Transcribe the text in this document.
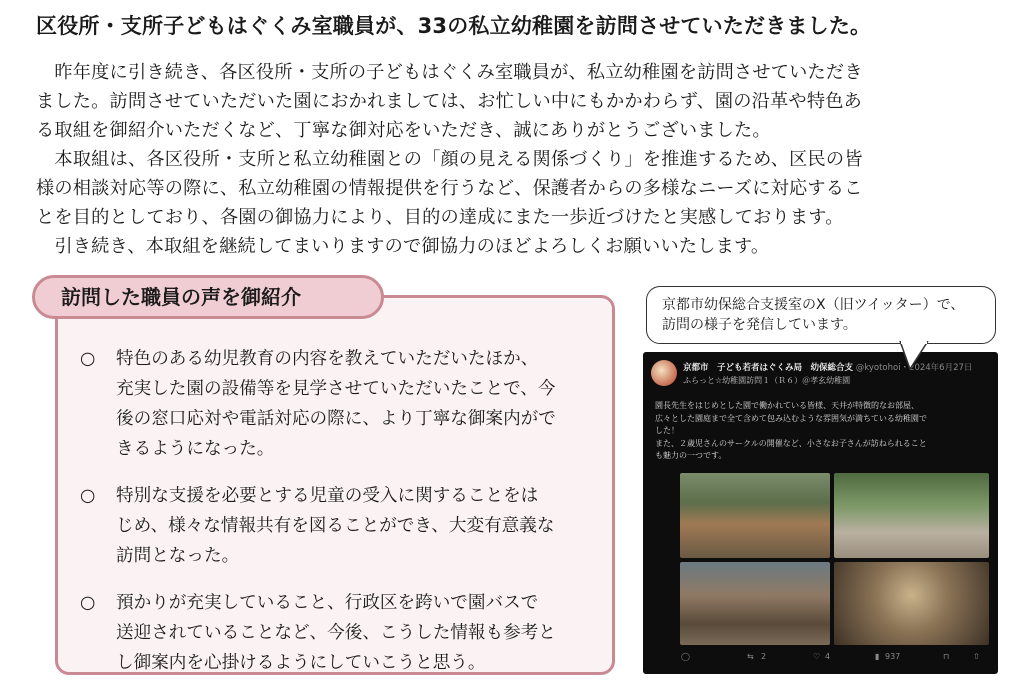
区役所・支所子どもはぐくみ室職員が、33の私立幼稚園を訪問させていただきました。

　昨年度に引き続き、各区役所・支所の子どもはぐくみ室職員が、私立幼稚園を訪問させていただき

ました。訪問させていただいた園におかれましては、お忙しい中にもかかわらず、園の沿革や特色あ

る取組を御紹介いただくなど、丁寧な御対応をいただき、誠にありがとうございました。

　本取組は、各区役所・支所と私立幼稚園との「顔の見える関係づくり」を推進するため、区民の皆

様の相談対応等の際に、私立幼稚園の情報提供を行うなど、保護者からの多様なニーズに対応するこ

とを目的としており、各園の御協力により、目的の達成にまた一歩近づけたと実感しております。

　引き続き、本取組を継続してまいりますので御協力のほどよろしくお願いいたします。

訪問した職員の声を御紹介
○	特色のある幼児教育の内容を教えていただいたほか、
充実した園の設備等を見学させていただいたことで、今
後の窓口応対や電話対応の際に、より丁寧な御案内がで
きるようになった。
○	特別な支援を必要とする児童の受入に関することをは
じめ、様々な情報共有を図ることができ、大変有意義な
訪問となった。
○	預かりが充実していること、行政区を跨いで園バスで
送迎されていることなど、今後、こうした情報も参考と
し御案内を心掛けるようにしていこうと思う。
京都市幼保総合支援室のX（旧ツイッター）で、
訪問の様子を発信しています。
京都市　子ども若者はぐくみ局　幼保総合支 @kyotohoi・2024年6月27日
ふらっと☆幼稚園訪問１（Ｒ６）＠孝玄幼稚園
園長先生をはじめとした園で働かれている皆様、天井が特徴的なお部屋、
広々とした園庭まで全て含めて包み込むような雰囲気が満ちている幼稚園で
した！
また、２歳児さんのサークルの開催など、小さなお子さんが訪ねられること
も魅力の一つです。
◯	⇆ 2	♡ 4	▮ 937	⊓	⇧
